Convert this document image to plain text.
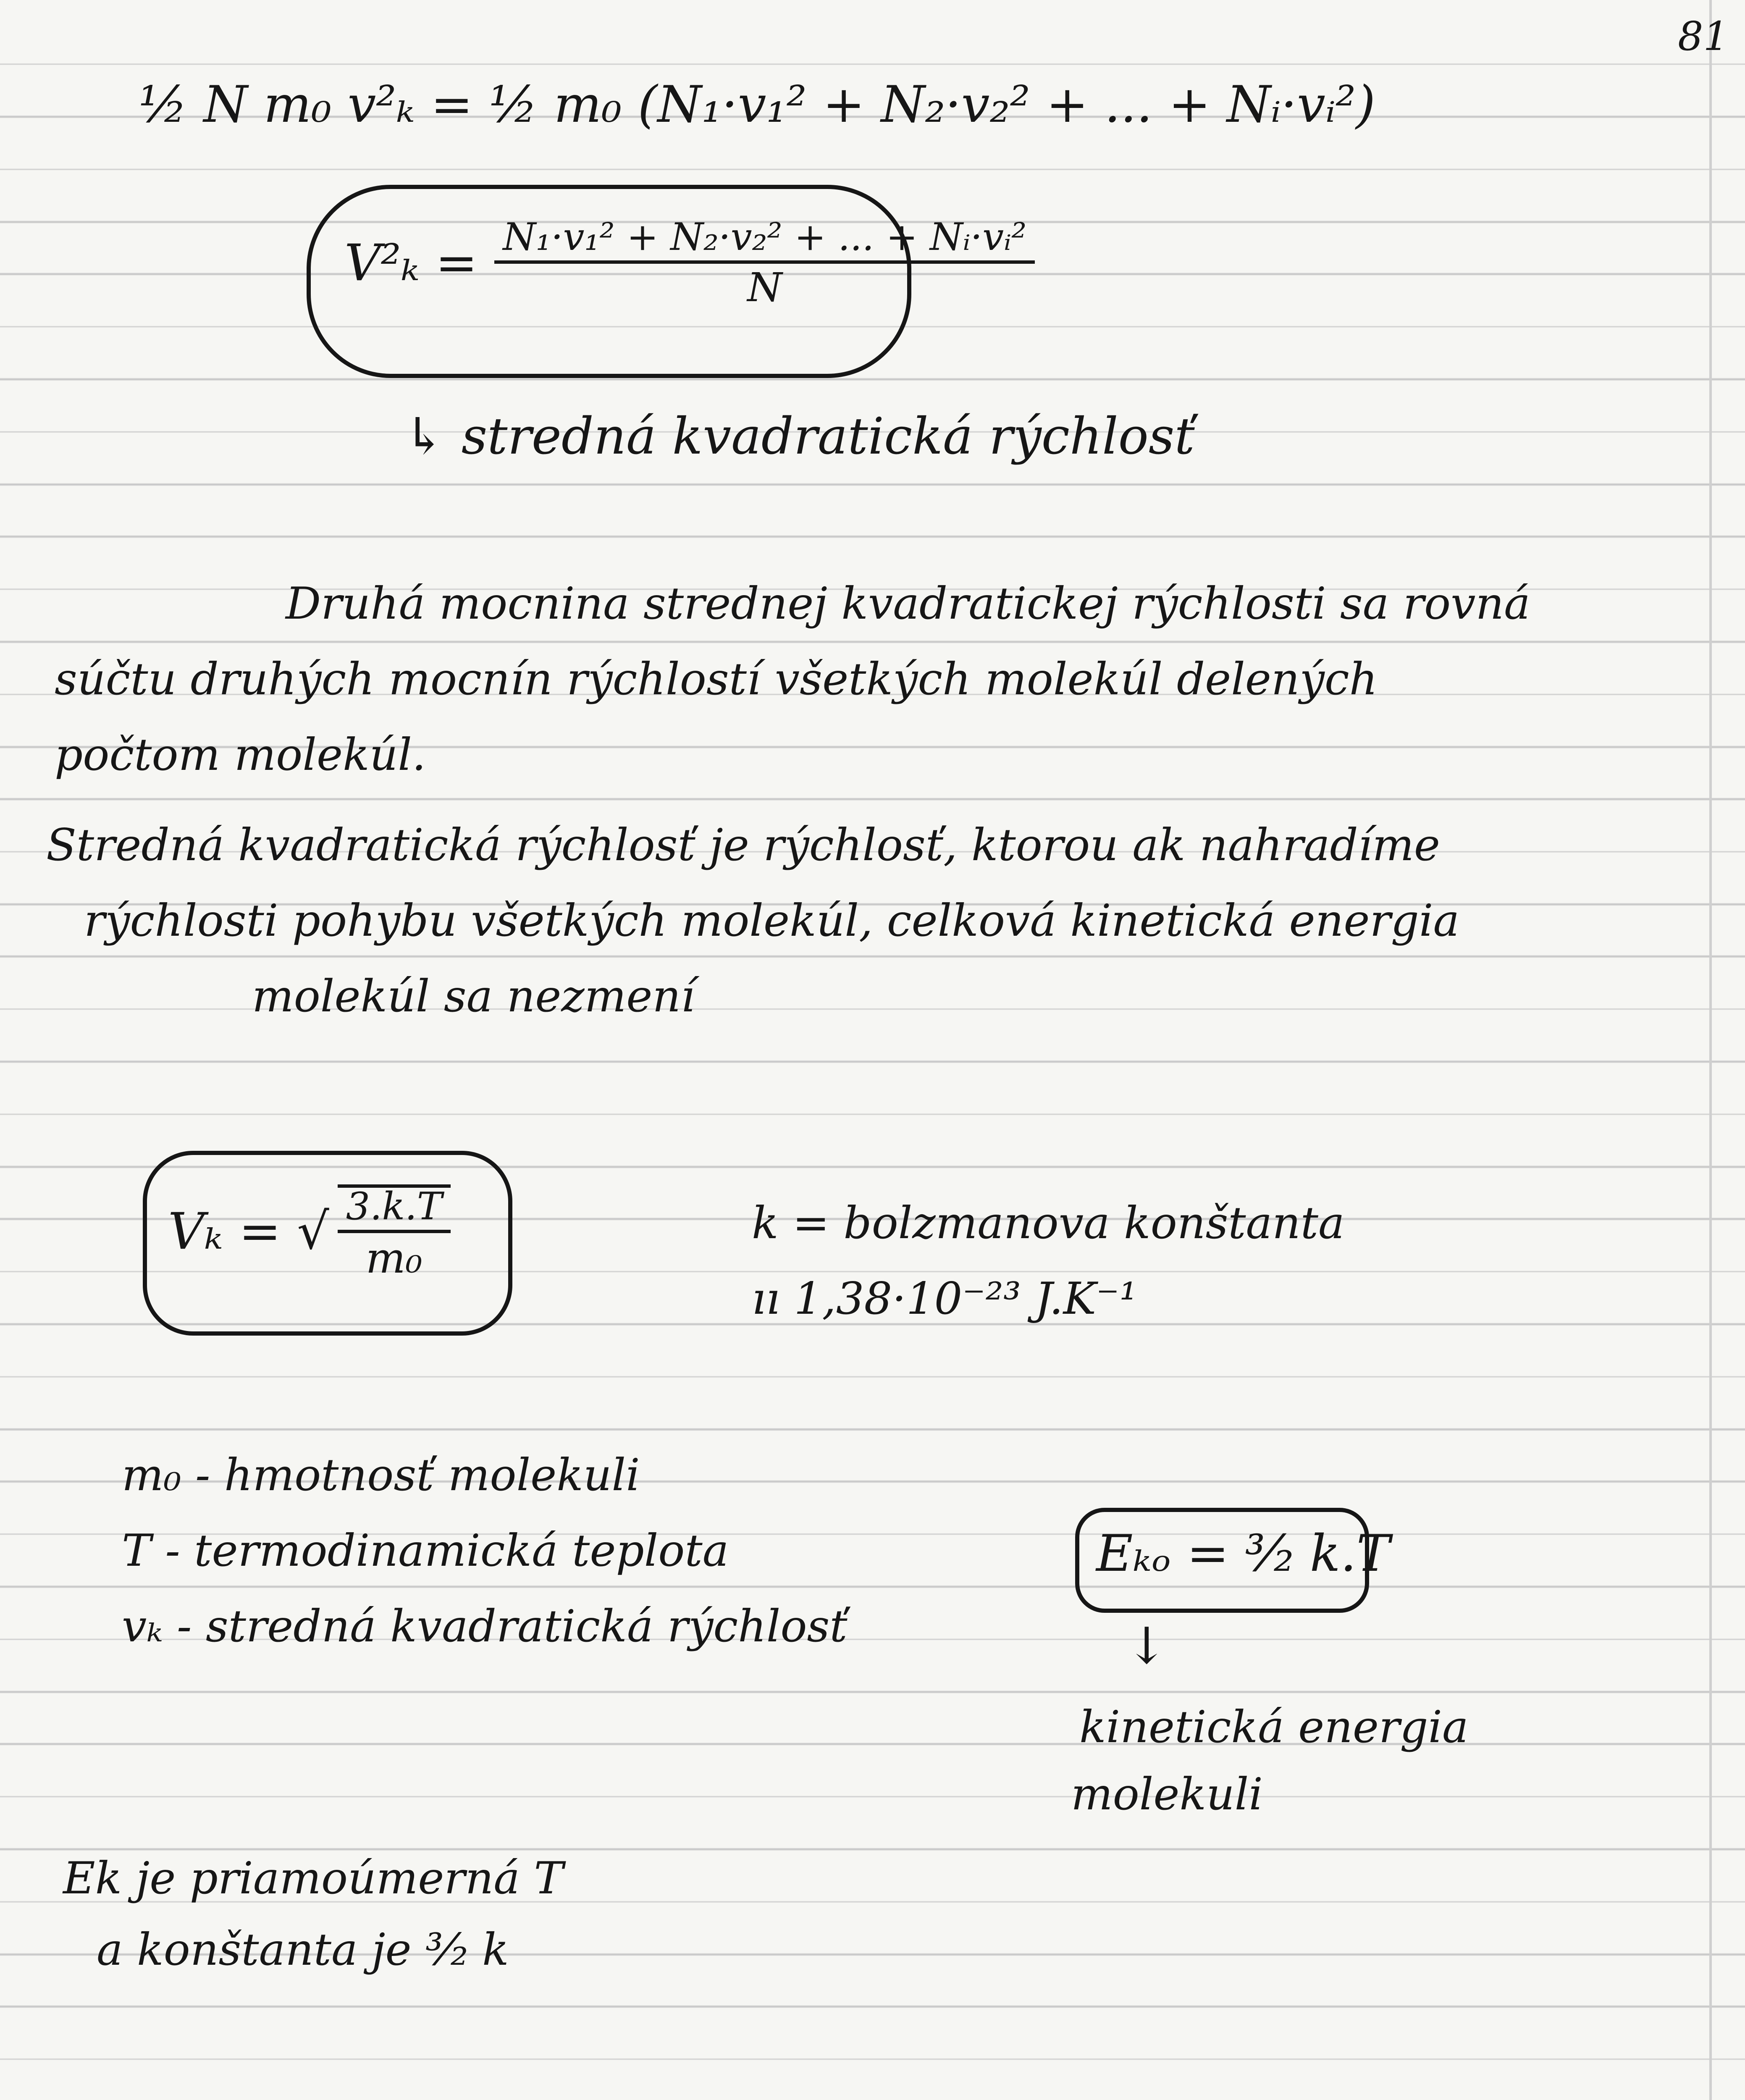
81
½ N m₀ v²ₖ = ½ m₀ (N₁·v₁² + N₂·v₂² + ... + Nᵢ·vᵢ²)
$V^2_k = \frac{\text{N₁·v₁² + N₂·v₂² + ... + Nᵢ·vᵢ²}}{N}$
↳ stredná kvadratická rýchlosť
Druhá mocnina strednej kvadratickej rýchlosti sa rovná
súčtu druhých mocnín rýchlostí všetkých molekúl delených
počtom molekúl.
Stredná kvadratická rýchlosť je rýchlosť, ktorou ak nahradíme
rýchlosti pohybu všetkých molekúl, celková kinetická energia
molekúl sa nezmení
Vₖ = √ $\frac{3.k.T}{\text{m₀}}$	k = bolzmanova konštanta
ıı 1,38·10⁻²³ J.K⁻¹
m₀ - hmotnosť molekuli
T - termodinamická teplota
vₖ - stredná kvadratická rýchlosť
Eₖₒ = ³⁄₂ k.T
↓
kinetická energia
molekuli
Ek je priamoúmerná T
a konštanta je ³⁄₂ k
